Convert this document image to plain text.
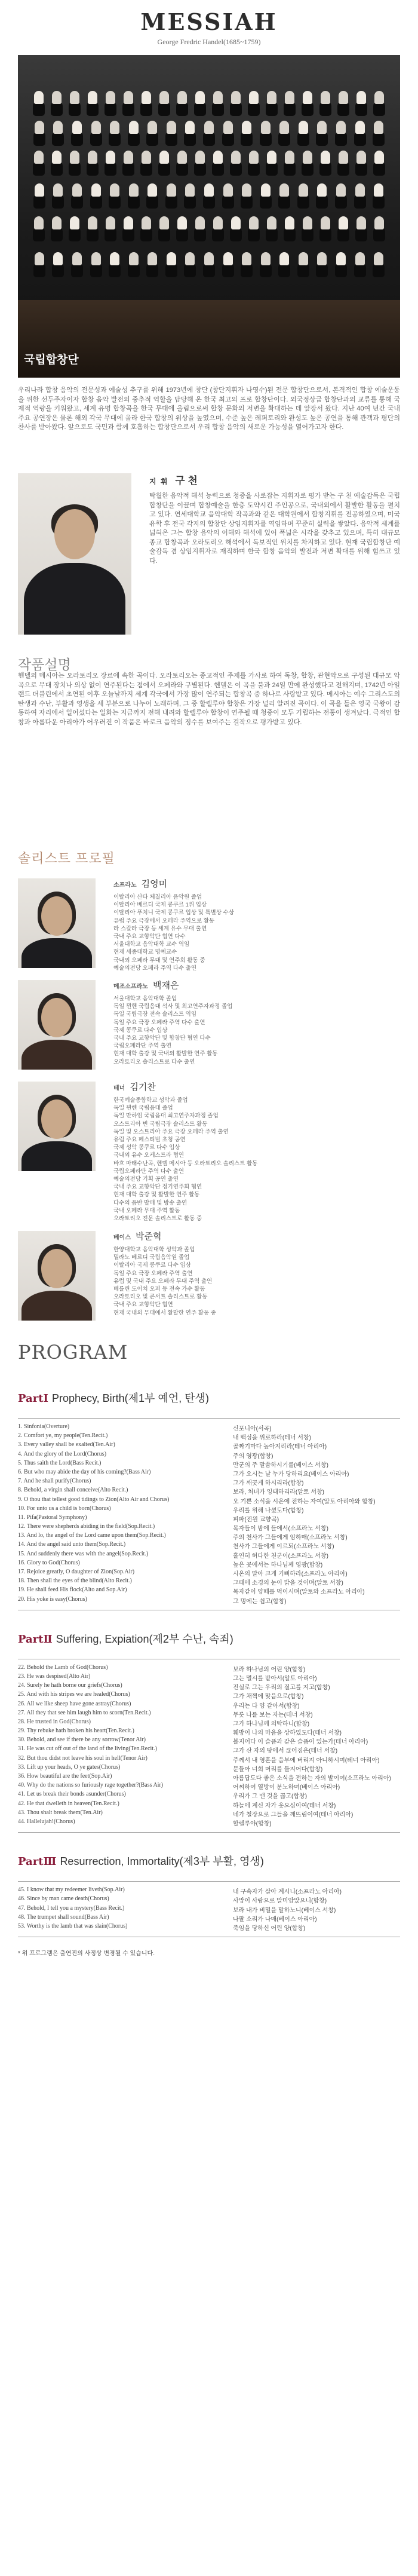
MESSIAH
George Fredric Handel(1685~1759)
국립합창단
우리나라 합창 음악의 전문성과 예술성 추구를 위해 1973년에 창단 (창단지휘자 나영수)된 전문 합창단으로서, 본격적인 합창 예술운동을 위한 선두주자이자 합창 음악 발전의 중추적 역할을 담당해 온 한국 최고의 프로 합창단이다. 외국정상급 합창단과의 교류를 통해 국제적 역량을 키워왔고, 세계 유명 합창곡을 한국 무대에 올림으로써 합창 문화의 저변을 확대하는 데 앞장서 왔다. 지난 40여 년간 국내 주요 공연장은 물론 해외 각국 무대에 올라 한국 합창의 위상을 높였으며, 수준 높은 레퍼토리와 완성도 높은 공연을 통해 관객과 평단의 찬사를 받아왔다. 앞으로도 국민과 함께 호흡하는 합창단으로서 우리 합창 음악의 새로운 가능성을 열어가고자 한다.
지 휘 구 천
탁월한 음악적 해석 능력으로 청중을 사로잡는 지휘자로 평가 받는 구 천 예술감독은 국립합창단을 이끌며 합창예술을 한층 도약시킨 주인공으로, 국내외에서 활발한 활동을 펼치고 있다. 연세대학교 음악대학 작곡과와 같은 대학원에서 합창지휘를 전공하였으며, 미국 유학 후 전국 각지의 합창단 상임지휘자를 역임하며 꾸준히 실력을 쌓았다. 음악적 세계를 넓혀온 그는 합창 음악의 이해와 해석에 있어 폭넓은 시각을 갖추고 있으며, 특히 대규모 종교 합창곡과 오라토리오 해석에서 독보적인 위치를 차지하고 있다. 현재 국립합창단 예술감독 겸 상임지휘자로 재직하며 한국 합창 음악의 발전과 저변 확대를 위해 힘쓰고 있다.
작품설명
헨델의 메시아는 오라토리오 장르에 속한 곡이다. 오라토리오는 종교적인 주제를 가사로 하여 독창, 합창, 관현악으로 구성된 대규모 악곡으로 무대 장치나 의상 없이 연주된다는 점에서 오페라와 구별된다. 헨델은 이 곡을 불과 24일 만에 완성했다고 전해지며, 1742년 아일랜드 더블린에서 초연된 이후 오늘날까지 세계 각국에서 가장 많이 연주되는 합창곡 중 하나로 사랑받고 있다. 메시아는 예수 그리스도의 탄생과 수난, 부활과 영생을 세 부분으로 나누어 노래하며, 그 중 할렐루야 합창은 가장 널리 알려진 곡이다. 이 곡을 들은 영국 국왕이 감동하여 자리에서 일어섰다는 일화는 지금까지 전해 내려와 할렐루야 합창이 연주될 때 청중이 모두 기립하는 전통이 생겨났다. 극적인 합창과 아름다운 아리아가 어우러진 이 작품은 바로크 음악의 정수를 보여주는 걸작으로 평가받고 있다.
솔리스트 프로필
소프라노 김영미
이탈리아 산타 체칠리아 음악원 졸업
이탈리아 베르디 국제 콩쿠르 1위 입상
이탈리아 푸치니 국제 콩쿠르 입상 및 특별상 수상
유럽 주요 극장에서 오페라 주역으로 활동
라 스칼라 극장 등 세계 유수 무대 출연
국내 주요 교향악단 협연 다수
서울대학교 음악대학 교수 역임
현재 세종대학교 명예교수
국내외 오페라 무대 및 연주회 활동 중
예술의전당 오페라 주역 다수 출연
메조소프라노 백재은
서울대학교 음악대학 졸업
독일 뮌헨 국립음대 석사 및 최고연주자과정 졸업
독일 국립극장 전속 솔리스트 역임
독일 주요 극장 오페라 주역 다수 출연
국제 콩쿠르 다수 입상
국내 주요 교향악단 및 합창단 협연 다수
국립오페라단 주역 출연
현재 대학 출강 및 국내외 활발한 연주 활동
오라토리오 솔리스트로 다수 출연
테너 김기찬
한국예술종합학교 성악과 졸업
독일 뮌헨 국립음대 졸업
독일 만하임 국립음대 최고연주자과정 졸업
오스트리아 빈 국립극장 솔리스트 활동
독일 및 오스트리아 주요 극장 오페라 주역 출연
유럽 주요 페스티벌 초청 공연
국제 성악 콩쿠르 다수 입상
국내외 유수 오케스트라 협연
바흐 마태수난곡, 헨델 메시아 등 오라토리오 솔리스트 활동
국립오페라단 주역 다수 출연
예술의전당 기획 공연 출연
국내 주요 교향악단 정기연주회 협연
현재 대학 출강 및 활발한 연주 활동
다수의 음반 발매 및 방송 출연
국내 오페라 무대 주역 활동
오라토리오 전문 솔리스트로 활동 중
베이스 박준혁
한양대학교 음악대학 성악과 졸업
밀라노 베르디 국립음악원 졸업
이탈리아 국제 콩쿠르 다수 입상
독일 주요 극장 오페라 주역 출연
유럽 및 국내 주요 오페라 무대 주역 출연
베를린 도이치 오퍼 등 전속 가수 활동
오라토리오 및 콘서트 솔리스트로 활동
국내 주요 교향악단 협연
현재 국내외 무대에서 활발한 연주 활동 중
PROGRAM
PartⅠ Prophecy, Birth(제1부 예언, 탄생)
1. Sinfonia(Overture)	신포니아(서곡)
2. Comfort ye, my people(Ten.Recit.)	내 백성을 위로하라(테너 서창)
3. Every valley shall be exalted(Ten.Air)	골짜기마다 높아지리라(테너 아리아)
4. And the glory of the Lord(Chorus)	주의 영광(합창)
5. Thus saith the Lord(Bass Recit.)	만군의 주 말씀하시기를(베이스 서창)
6. But who may abide the day of his coming?(Bass Air)	그가 오시는 날 누가 당하리요(베이스 아리아)
7. And he shall purify(Chorus)	그가 깨끗게 하시리라(합창)
8. Behold, a virgin shall conceive(Alto Recit.)	보라, 처녀가 잉태하리라(알토 서창)
9. O thou that tellest good tidings to Zion(Alto Air and Chorus)	오 기쁜 소식을 시온에 전하는 자여(알토 아리아와 합창)
10. For unto us a child is born(Chorus)	우리를 위해 나셨도다(합창)
11. Pifa(Pastoral Symphony)	피파(전원 교향곡)
12. There were shepherds abiding in the field(Sop.Recit.)	목자들이 밤에 들에서(소프라노 서창)
13. And lo, the angel of the Lord came upon them(Sop.Recit.)	주의 천사가 그들에게 임하매(소프라노 서창)
14. And the angel said unto them(Sop.Recit.)	천사가 그들에게 이르되(소프라노 서창)
15. And suddenly there was with the angel(Sop.Recit.)	홀연히 허다한 천군이(소프라노 서창)
16. Glory to God(Chorus)	높은 곳에서는 하나님께 영광(합창)
17. Rejoice greatly, O daughter of Zion(Sop.Air)	시온의 딸아 크게 기뻐하라(소프라노 아리아)
18. Then shall the eyes of the blind(Alto Recit.)	그때에 소경의 눈이 밝을 것이며(알토 서창)
19. He shall feed His flock(Alto and Sop.Air)	목자같이 양떼를 먹이시며(알토와 소프라노 아리아)
20. His yoke is easy(Chorus)	그 멍에는 쉽고(합창)
PartⅡ Suffering, Expiation(제2부 수난, 속죄)
22. Behold the Lamb of God(Chorus)	보라 하나님의 어린 양(합창)
23. He was despised(Alto Air)	그는 멸시를 받아서(알토 아리아)
24. Surely he hath borne our griefs(Chorus)	진실로 그는 우리의 질고를 지고(합창)
25. And with his stripes we are healed(Chorus)	그가 채찍에 맞음으로(합창)
26. All we like sheep have gone astray(Chorus)	우리는 다 양 같아서(합창)
27. All they that see him laugh him to scorn(Ten.Recit.)	무릇 나를 보는 자는(테너 서창)
28. He trusted in God(Chorus)	그가 하나님께 의탁하니(합창)
29. Thy rebuke hath broken his heart(Ten.Recit.)	훼방이 나의 마음을 상하였도다(테너 서창)
30. Behold, and see if there be any sorrow(Tenor Air)	볼지어다 이 슬픔과 같은 슬픔이 있는가(테너 아리아)
31. He was cut off out of the land of the living(Ten.Recit.)	그가 산 자의 땅에서 끊어짐은(테너 서창)
32. But thou didst not leave his soul in hell(Tenor Air)	주께서 내 영혼을 음부에 버리지 아니하시며(테너 아리아)
33. Lift up your heads, O ye gates(Chorus)	문들아 너희 머리를 들지어다(합창)
36. How beautiful are the feet(Sop.Air)	아름답도다 좋은 소식을 전하는 자의 발이여(소프라노 아리아)
40. Why do the nations so furiously rage together?(Bass Air)	어찌하여 열방이 분노하며(베이스 아리아)
41. Let us break their bonds asunder(Chorus)	우리가 그 맨 것을 끊고(합창)
42. He that dwelleth in heaven(Ten.Recit.)	하늘에 계신 자가 웃으심이여(테너 서창)
43. Thou shalt break them(Ten.Air)	네가 철장으로 그들을 깨뜨림이여(테너 아리아)
44. Hallelujah!(Chorus)	할렐루야(합창)
PartⅢ Resurrection, Immortality(제3부 부활, 영생)
45. I know that my redeemer liveth(Sop.Air)	내 구속자가 살아 계시니(소프라노 아리아)
46. Since by man came death(Chorus)	사망이 사람으로 말미암았으니(합창)
47. Behold, I tell you a mystery(Bass Recit.)	보라 내가 비밀을 말하노니(베이스 서창)
48. The trumpet shall sound(Bass Air)	나팔 소리가 나매(베이스 아리아)
53. Worthy is the lamb that was slain(Chorus)	죽임을 당하신 어린 양(합창)
* 위 프로그램은 출연진의 사정상 변경될 수 있습니다.
